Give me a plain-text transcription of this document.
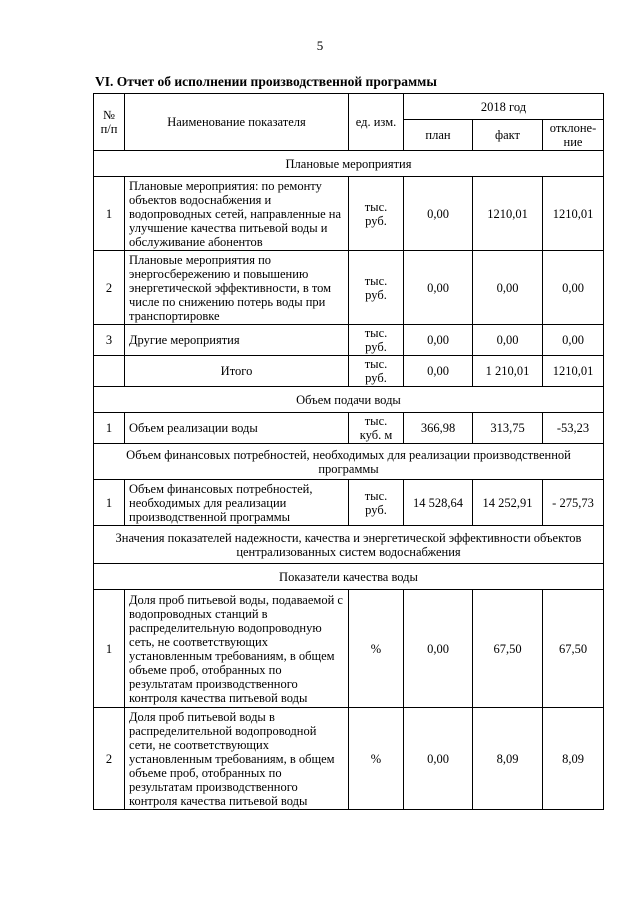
5
VI. Отчет об исполнении производственной программы
№ п/п	Наименование показателя	ед. изм.	2018 год		
			план	факт	отклоне-ние
Плановые мероприятия					
1	Плановые мероприятия: по ремонту объектов водоснабжения и водопроводных сетей, направленные на улучшение качества питьевой воды и обслуживание абонентов	тыс. руб.	0,00	1210,01	1210,01
2	Плановые мероприятия по энергосбережению и повышению энергетической эффективности, в том числе по снижению потерь воды при транспортировке	тыс. руб.	0,00	0,00	0,00
3	Другие мероприятия	тыс. руб.	0,00	0,00	0,00
	Итого	тыс. руб.	0,00	1 210,01	1210,01
Объем подачи воды					
1	Объем реализации воды	тыс. куб. м	366,98	313,75	-53,23
Объем финансовых потребностей, необходимых для реализации производственной программы					
1	Объем финансовых потребностей, необходимых для реализации производственной программы	тыс. руб.	14 528,64	14 252,91	- 275,73
Значения показателей надежности, качества и энергетической эффективности объектов централизованных систем водоснабжения					
Показатели качества воды					
1	Доля проб питьевой воды, подаваемой с водопроводных станций в распределительную водопроводную сеть, не соответствующих установленным требованиям, в общем объеме проб, отобранных по результатам производственного контроля качества питьевой воды	%	0,00	67,50	67,50
2	Доля проб питьевой воды в распределительной водопроводной сети, не соответствующих установленным требованиям, в общем объеме проб, отобранных по результатам производственного контроля качества питьевой воды	%	0,00	8,09	8,09
